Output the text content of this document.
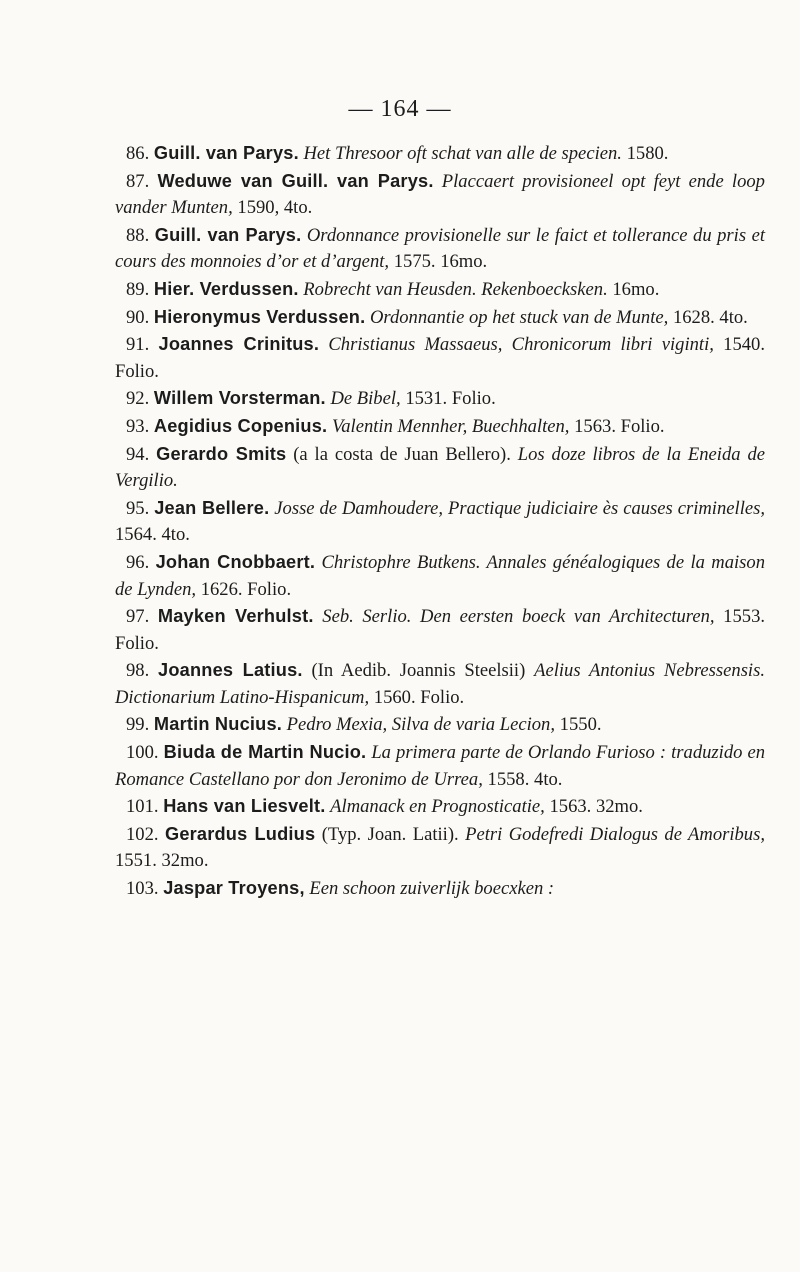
— 164 —

86. Guill. van Parys. Het Thresoor oft schat van alle de specien. 1580.

87. Weduwe van Guill. van Parys. Placcaert provisioneel opt feyt ende loop vander Munten, 1590, 4to.

88. Guill. van Parys. Ordonnance provisionelle sur le faict et tollerance du pris et cours des monnoies d’or et d’argent, 1575. 16mo.

89. Hier. Verdussen. Robrecht van Heusden. Rekenboecksken. 16mo.

90. Hieronymus Verdussen. Ordonnantie op het stuck van de Munte, 1628. 4to.

91. Joannes Crinitus. Christianus Massaeus, Chronicorum libri viginti, 1540. Folio.

92. Willem Vorsterman. De Bibel, 1531. Folio.

93. Aegidius Copenius. Valentin Mennher, Buechhalten, 1563. Folio.

94. Gerardo Smits (a la costa de Juan Bellero). Los doze libros de la Eneida de Vergilio.

95. Jean Bellere. Josse de Damhoudere, Practique judiciaire ès causes criminelles, 1564. 4to.

96. Johan Cnobbaert. Christophre Butkens. Annales généalogiques de la maison de Lynden, 1626. Folio.

97. Mayken Verhulst. Seb. Serlio. Den eersten boeck van Architecturen, 1553. Folio.

98. Joannes Latius. (In Aedib. Joannis Steelsii) Aelius Antonius Nebressensis. Dictionarium Latino-Hispanicum, 1560. Folio.

99. Martin Nucius. Pedro Mexia, Silva de varia Lecion, 1550.

100. Biuda de Martin Nucio. La primera parte de Orlando Furioso : traduzido en Romance Castellano por don Jeronimo de Urrea, 1558. 4to.

101. Hans van Liesvelt. Almanack en Prognosticatie, 1563. 32mo.

102. Gerardus Ludius (Typ. Joan. Latii). Petri Godefredi Dialogus de Amoribus, 1551. 32mo.

103. Jaspar Troyens, Een schoon zuiverlijk boecxken :
